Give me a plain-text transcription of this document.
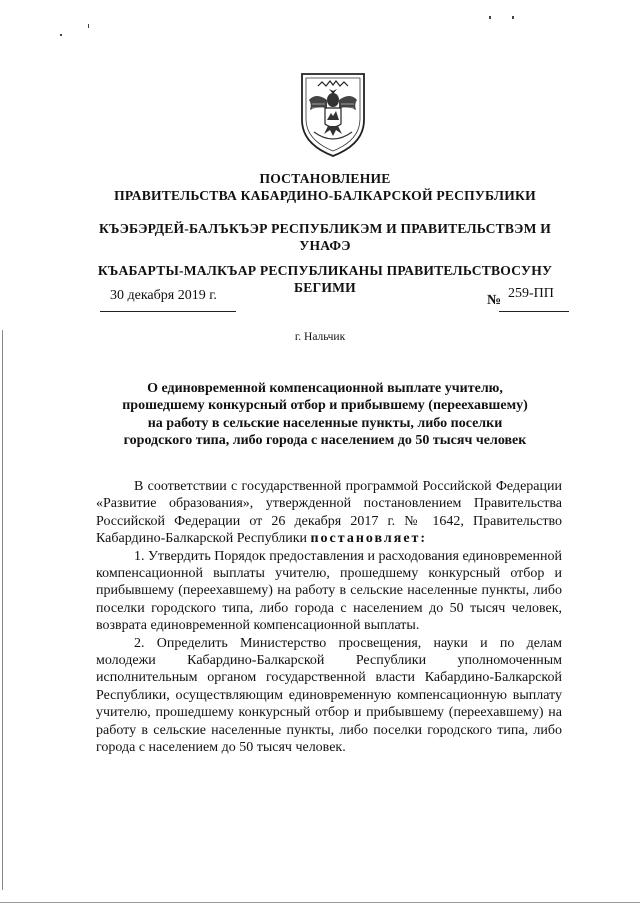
ПОСТАНОВЛЕНИЕ
ПРАВИТЕЛЬСТВА КАБАРДИНО-БАЛКАРСКОЙ РЕСПУБЛИКИ
КЪЭБЭРДЕЙ-БАЛЪКЪЭР РЕСПУБЛИКЭМ И ПРАВИТЕЛЬСТВЭМ И
УНАФЭ
КЪАБАРТЫ-МАЛКЪАР РЕСПУБЛИКАНЫ ПРАВИТЕЛЬСТВОСУНУ
БЕГИМИ
30 декабря 2019 г.	№ 259-ПП
г. Нальчик
О единовременной компенсационной выплате учителю,
прошедшему конкурсный отбор и прибывшему (переехавшему)
на работу в сельские населенные пункты, либо поселки
городского типа, либо города с населением до 50 тысяч человек

В соответствии с государственной программой Российской Федерации «Развитие образования», утвержденной постановлением Правительства Российской Федерации от 26 декабря 2017 г. № 1642, Правительство Кабардино-Балкарской Республики постановляет:

1. Утвердить Порядок предоставления и расходования единовременной компенсационной выплаты учителю, прошедшему конкурсный отбор и прибывшему (переехавшему) на работу в сельские населенные пункты, либо поселки городского типа, либо города с населением до 50 тысяч человек, возврата единовременной компенсационной выплаты.

2. Определить Министерство просвещения, науки и по делам молодежи Кабардино-Балкарской Республики уполномоченным исполнительным органом государственной власти Кабардино-Балкарской Республики, осуществляющим единовременную компенсационную выплату учителю, прошедшему конкурсный отбор и прибывшему (переехавшему) на работу в сельские населенные пункты, либо поселки городского типа, либо города с населением до 50 тысяч человек.
